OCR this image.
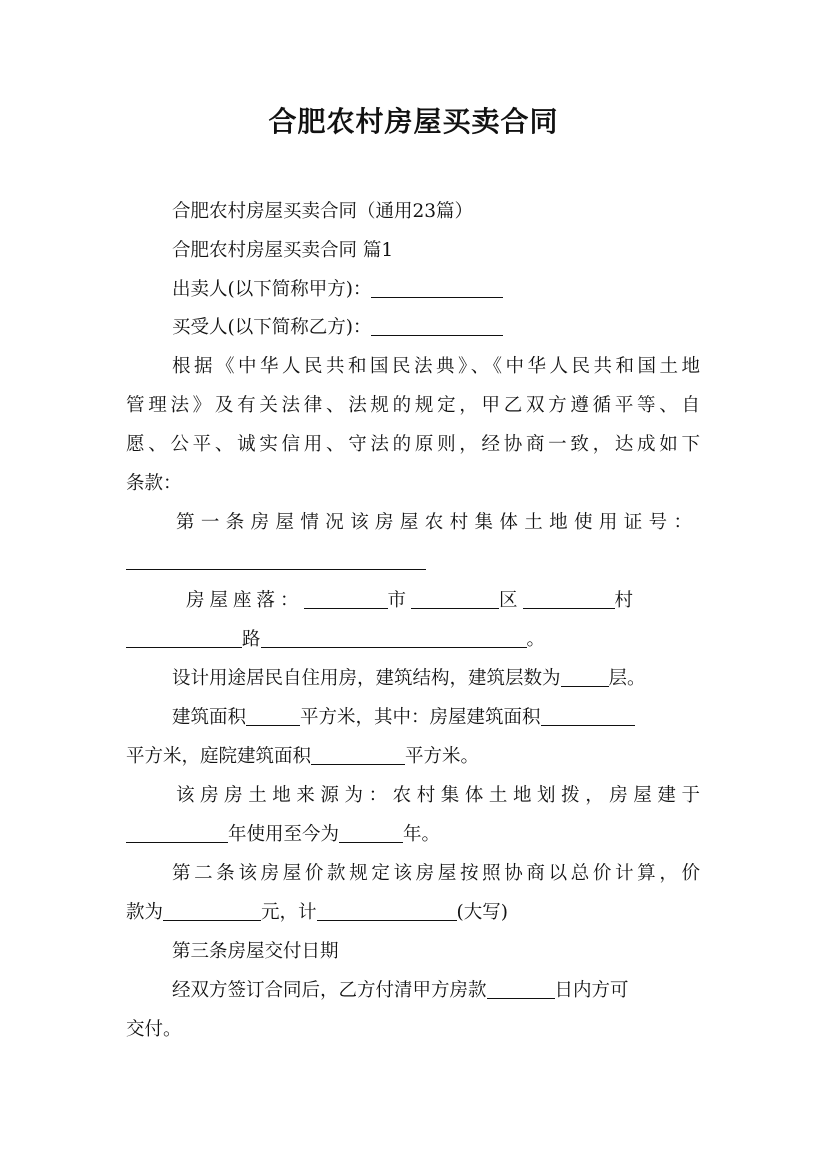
合肥农村房屋买卖合同
合肥农村房屋买卖合同（通用23篇）
合肥农村房屋买卖合同 篇1
出卖人(以下简称甲方)：
买受人(以下简称乙方)：
根据《中华人民共和国民法典》、《中华人民共和国土地
管理法》及有关法律、法规的规定，甲乙双方遵循平等、自
愿、公平、诚实信用、守法的原则，经协商一致，达成如下
条款：
第一条房屋情况该房屋农村集体土地使用证号：
房屋座落：	市	区	村
路	。
设计用途居民自住用房，建筑结构，建筑层数为	层。
建筑面积	平方米，其中：房屋建筑面积
平方米，庭院建筑面积	平方米。
该房房土地来源为：农村集体土地划拨，房屋建于
年使用至今为	年。
第二条该房屋价款规定该房屋按照协商以总价计算，价
款为	元，计	(大写)
第三条房屋交付日期
经双方签订合同后，乙方付清甲方房款	日内方可
交付。
